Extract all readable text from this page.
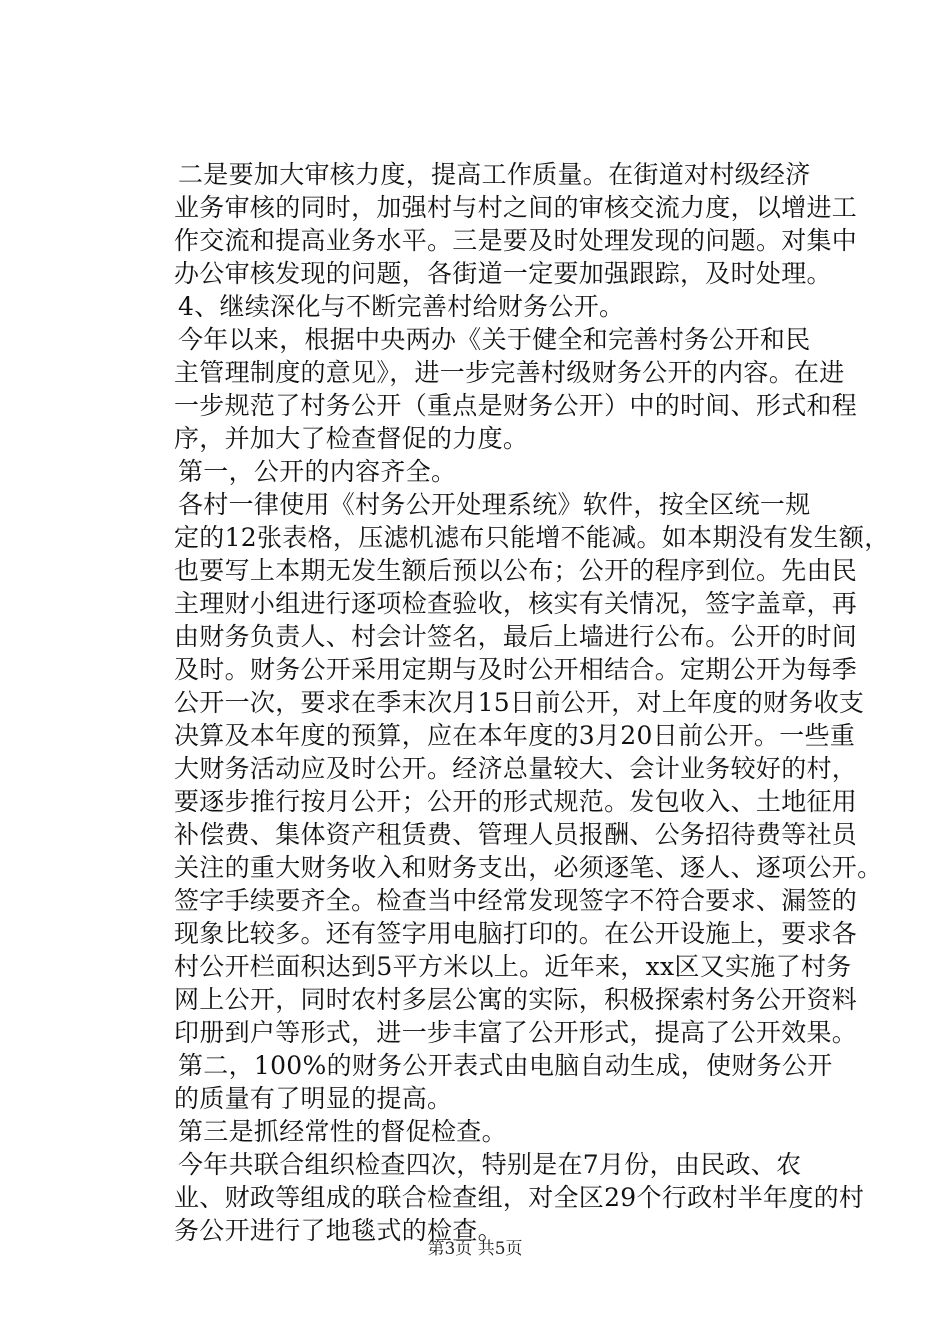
二是要加大审核力度，提高工作质量。在街道对村级经济
业务审核的同时，加强村与村之间的审核交流力度，以增进工
作交流和提高业务水平。三是要及时处理发现的问题。对集中
办公审核发现的问题，各街道一定要加强跟踪，及时处理。
4、继续深化与不断完善村给财务公开。
今年以来，根据中央两办《关于健全和完善村务公开和民
主管理制度的意见》，进一步完善村级财务公开的内容。在进
一步规范了村务公开（重点是财务公开）中的时间、形式和程
序，并加大了检查督促的力度。
第一，公开的内容齐全。
各村一律使用《村务公开处理系统》软件，按全区统一规
定的12张表格，压滤机滤布只能增不能减。如本期没有发生额，
也要写上本期无发生额后预以公布；公开的程序到位。先由民
主理财小组进行逐项检查验收，核实有关情况，签字盖章，再
由财务负责人、村会计签名，最后上墙进行公布。公开的时间
及时。财务公开采用定期与及时公开相结合。定期公开为每季
公开一次，要求在季末次月15日前公开，对上年度的财务收支
决算及本年度的预算，应在本年度的3月20日前公开。一些重
大财务活动应及时公开。经济总量较大、会计业务较好的村，
要逐步推行按月公开；公开的形式规范。发包收入、土地征用
补偿费、集体资产租赁费、管理人员报酬、公务招待费等社员
关注的重大财务收入和财务支出，必须逐笔、逐人、逐项公开。
签字手续要齐全。检查当中经常发现签字不符合要求、漏签的
现象比较多。还有签字用电脑打印的。在公开设施上，要求各
村公开栏面积达到5平方米以上。近年来，xx区又实施了村务
网上公开，同时农村多层公寓的实际，积极探索村务公开资料
印册到户等形式，进一步丰富了公开形式，提高了公开效果。
第二，100%的财务公开表式由电脑自动生成，使财务公开
的质量有了明显的提高。
第三是抓经常性的督促检查。
今年共联合组织检查四次，特别是在7月份，由民政、农
业、财政等组成的联合检查组，对全区29个行政村半年度的村
务公开进行了地毯式的检查。
第3页 共5页
